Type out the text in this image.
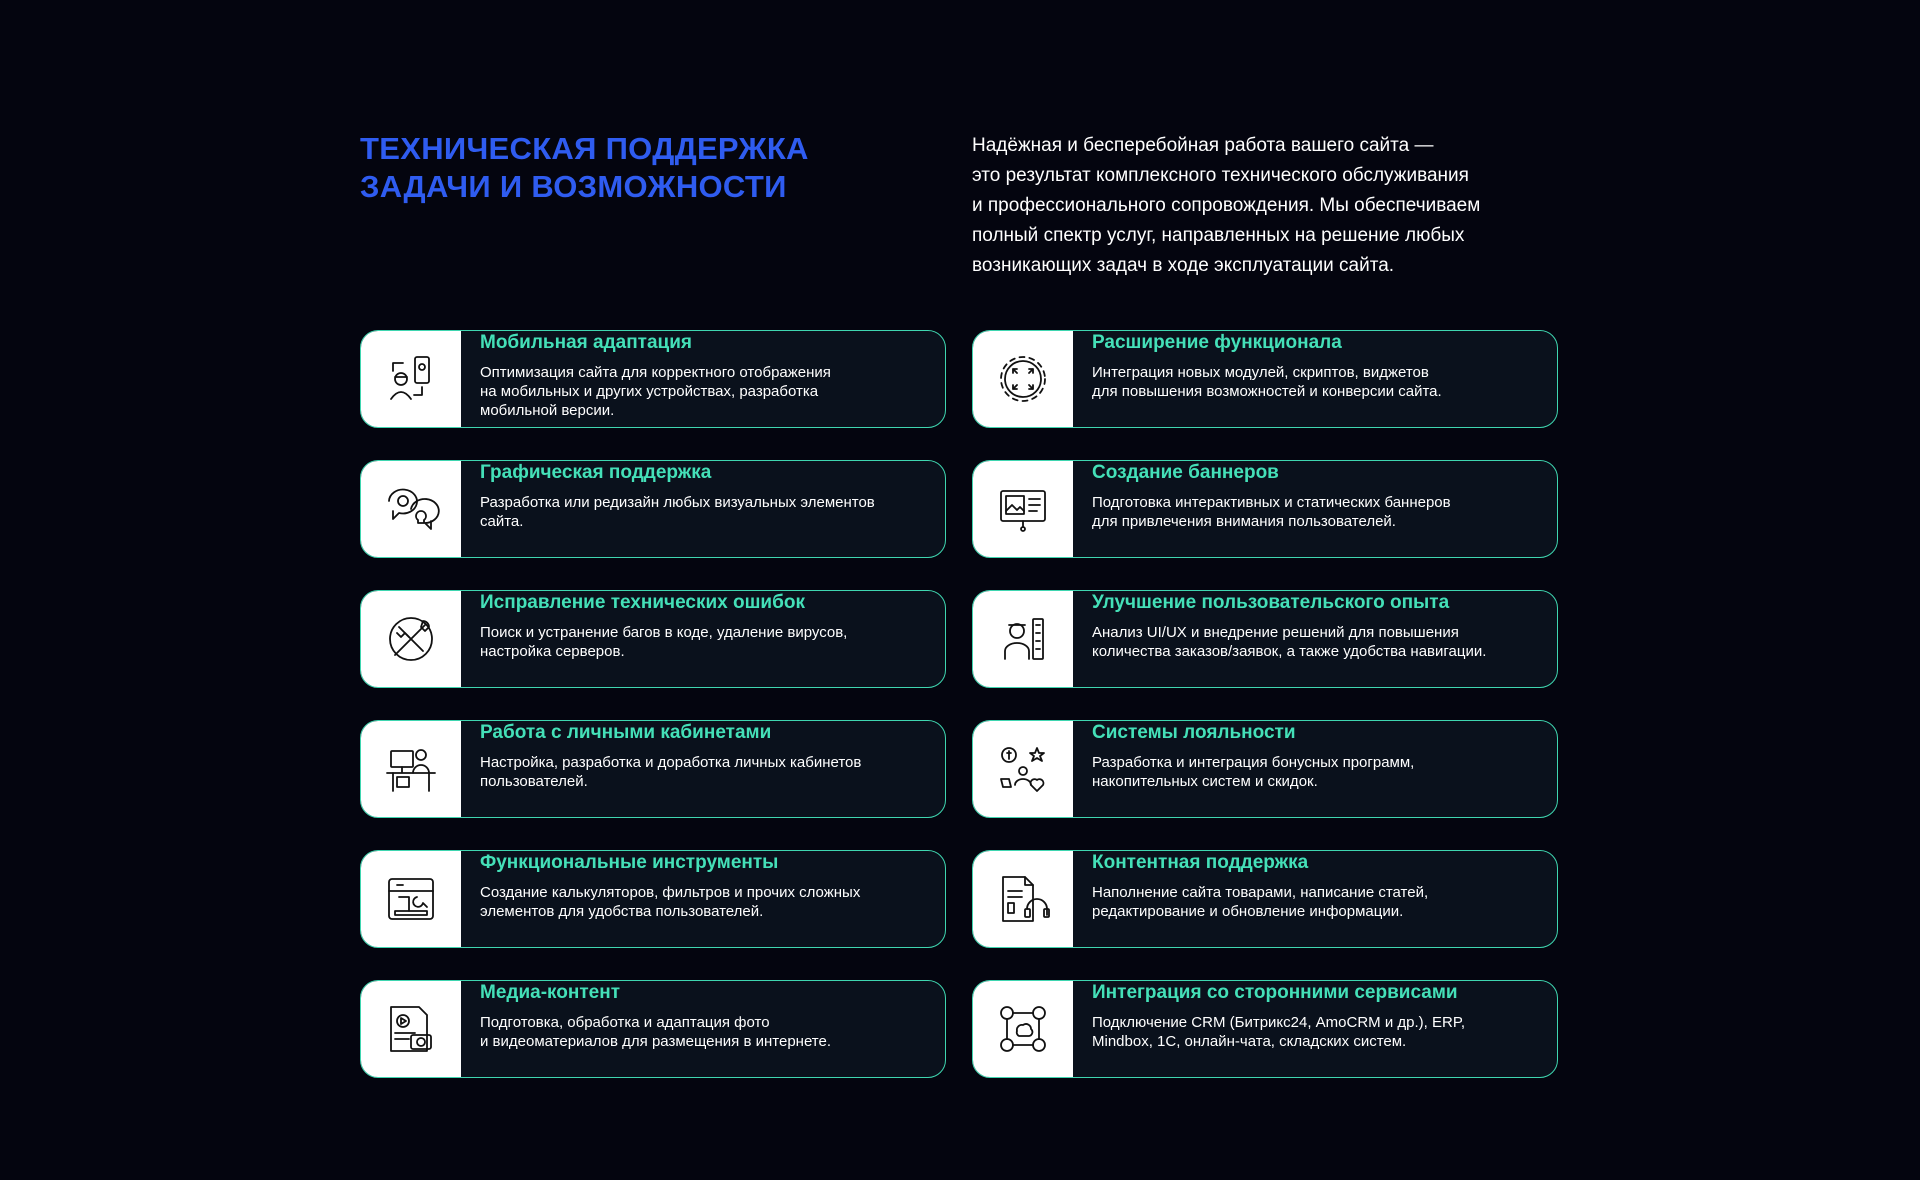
ТЕХНИЧЕСКАЯ ПОДДЕРЖКА
ЗАДАЧИ И ВОЗМОЖНОСТИ
Надёжная и бесперебойная работа вашего сайта —
это результат комплексного технического обслуживания
и профессионального сопровождения. Мы обеспечиваем
полный спектр услуг, направленных на решение любых
возникающих задач в ходе эксплуатации сайта.
Мобильная адаптация
Оптимизация сайта для корректного отображения
на мобильных и других устройствах, разработка
мобильной версии.
Расширение функционала
Интеграция новых модулей, скриптов, виджетов
для повышения возможностей и конверсии сайта.
Графическая поддержка
Разработка или редизайн любых визуальных элементов
сайта.
Создание баннеров
Подготовка интерактивных и статических баннеров
для привлечения внимания пользователей.
Исправление технических ошибок
Поиск и устранение багов в коде, удаление вирусов,
настройка серверов.
Улучшение пользовательского опыта
Анализ UI/UX и внедрение решений для повышения
количества заказов/заявок, а также удобства навигации.
Работа с личными кабинетами
Настройка, разработка и доработка личных кабинетов
пользователей.
Системы лояльности
Разработка и интеграция бонусных программ,
накопительных систем и скидок.
Функциональные инструменты
Создание калькуляторов, фильтров и прочих сложных
элементов для удобства пользователей.
Контентная поддержка
Наполнение сайта товарами, написание статей,
редактирование и обновление информации.
Медиа-контент
Подготовка, обработка и адаптация фото
и видеоматериалов для размещения в интернете.
Интеграция со сторонними сервисами
Подключение CRM (Битрикс24, AmoCRM и др.), ERP,
Mindbox, 1C, онлайн-чата, складских систем.
